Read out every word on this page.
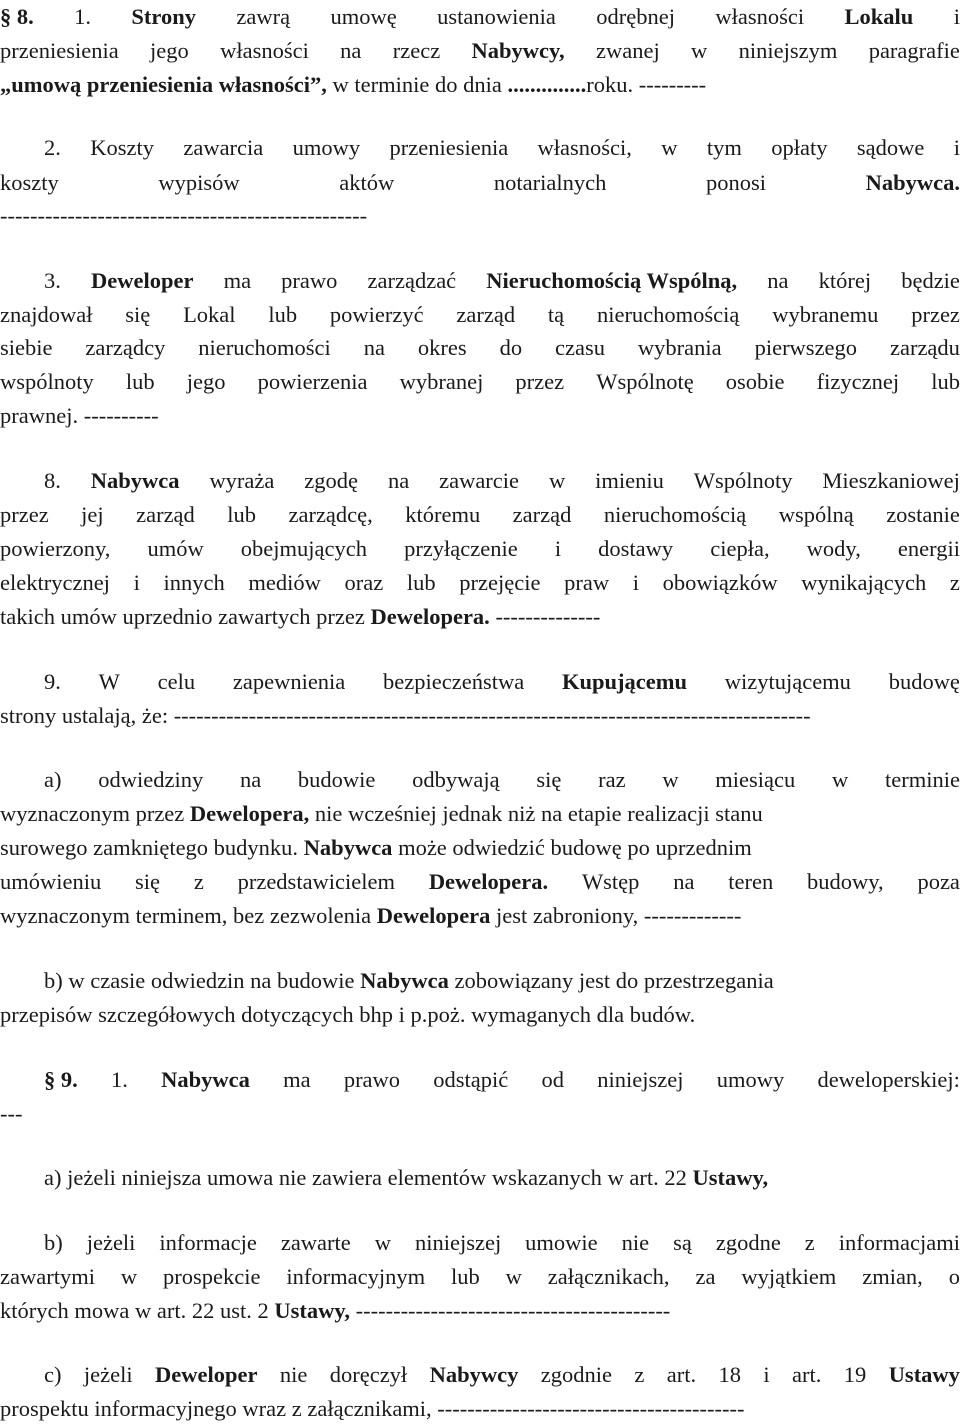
§ 8. 1. Strony zawrą umowę ustanowienia odrębnej własności Lokalu i
przeniesienia jego własności na rzecz Nabywcy, zwanej w niniejszym paragrafie
„umową przeniesienia własności”, w terminie do dnia ..............roku. ---------
2. Koszty zawarcia umowy przeniesienia własności, w tym opłaty sądowe i
koszty	wypisów	aktów	notarialnych	ponosi	Nabywca.
-------------------------------------------------
3. Deweloper ma prawo zarządzać Nieruchomością Wspólną, na której będzie
znajdował się Lokal lub powierzyć zarząd tą nieruchomością wybranemu przez
siebie zarządcy nieruchomości na okres do czasu wybrania pierwszego zarządu
wspólnoty lub jego powierzenia wybranej przez Wspólnotę osobie fizycznej lub
prawnej. ----------
8. Nabywca wyraża zgodę na zawarcie w imieniu Wspólnoty Mieszkaniowej
przez jej zarząd lub zarządcę, któremu zarząd nieruchomością wspólną zostanie
powierzony, umów obejmujących przyłączenie i dostawy ciepła, wody, energii
elektrycznej i innych mediów oraz lub przejęcie praw i obowiązków wynikających z
takich umów uprzednio zawartych przez Dewelopera. --------------
9. W celu zapewnienia bezpieczeństwa Kupującemu wizytującemu budowę
strony ustalają, że: -------------------------------------------------------------------------------------
a) odwiedziny na budowie odbywają się raz w miesiącu w terminie
wyznaczonym przez Dewelopera, nie wcześniej jednak niż na etapie realizacji stanu
surowego zamkniętego budynku. Nabywca może odwiedzić budowę po uprzednim
umówieniu się z przedstawicielem Dewelopera. Wstęp na teren budowy, poza
wyznaczonym terminem, bez zezwolenia Dewelopera jest zabroniony, -------------
b) w czasie odwiedzin na budowie Nabywca zobowiązany jest do przestrzegania
przepisów szczegółowych dotyczących bhp i p.poż. wymaganych dla budów.
§ 9. 1. Nabywca ma prawo odstąpić od niniejszej umowy deweloperskiej:
---
a) jeżeli niniejsza umowa nie zawiera elementów wskazanych w art. 22 Ustawy,
b) jeżeli informacje zawarte w niniejszej umowie nie są zgodne z informacjami
zawartymi w prospekcie informacyjnym lub w załącznikach, za wyjątkiem zmian, o
których mowa w art. 22 ust. 2 Ustawy, ------------------------------------------
c) jeżeli Deweloper nie doręczył Nabywcy zgodnie z art. 18 i art. 19 Ustawy
prospektu informacyjnego wraz z załącznikami, -----------------------------------------
